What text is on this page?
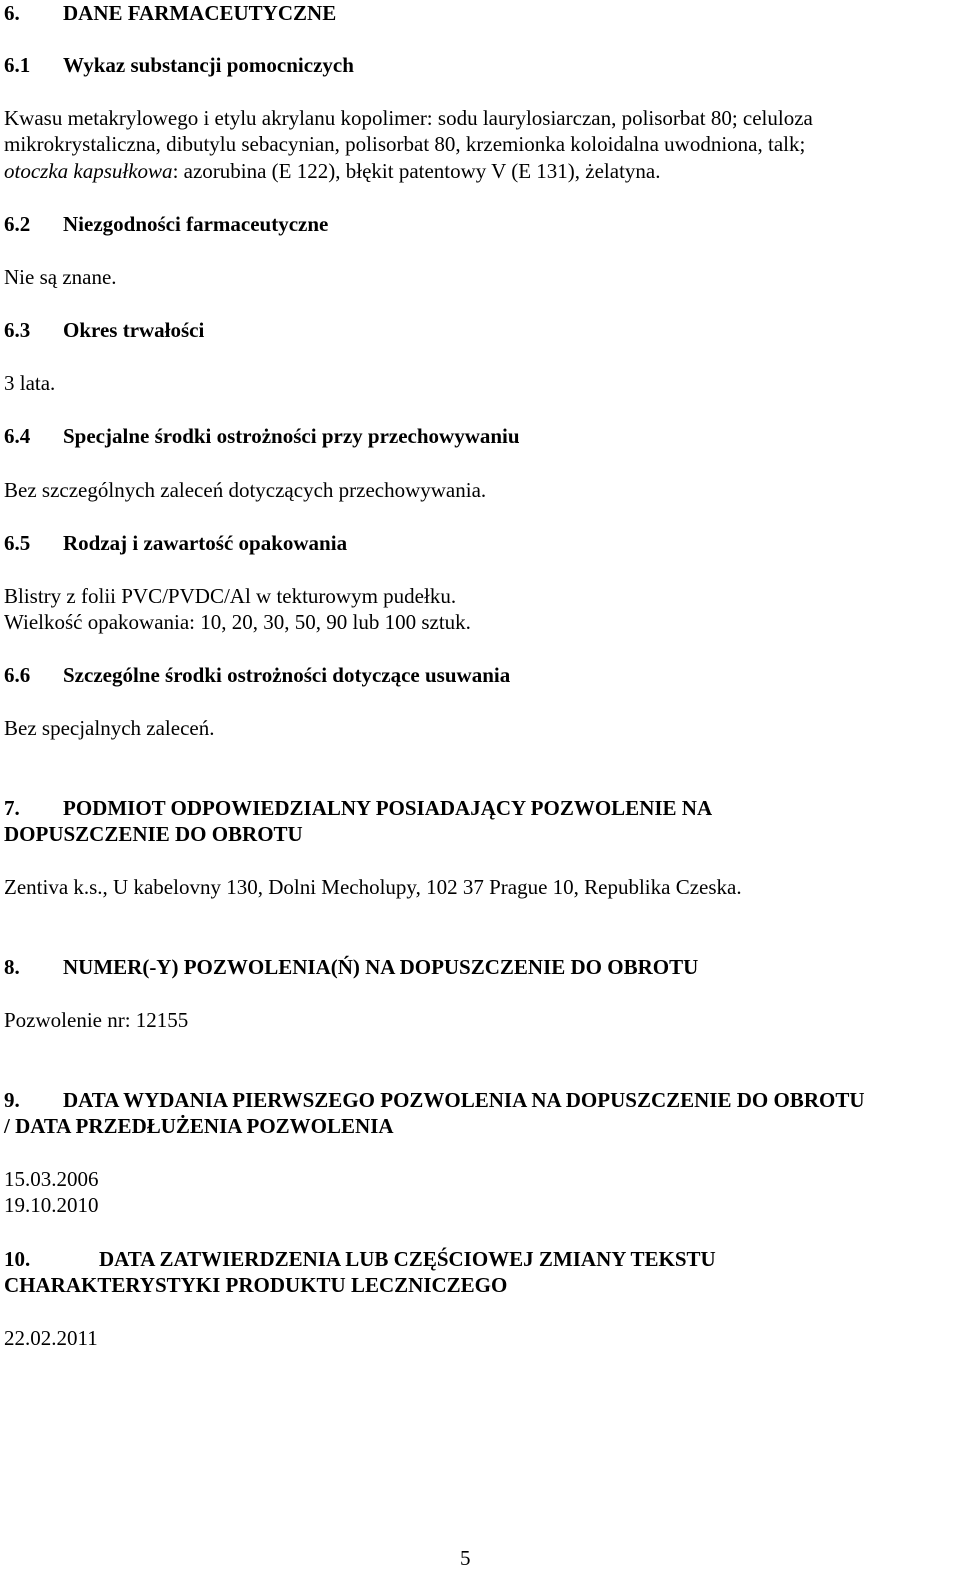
6. DANE FARMACEUTYCZNE
6.1 Wykaz substancji pomocniczych
Kwasu metakrylowego i etylu akrylanu kopolimer: sodu laurylosiarczan, polisorbat 80; celuloza
mikrokrystaliczna, dibutylu sebacynian, polisorbat 80, krzemionka koloidalna uwodniona, talk;
otoczka kapsułkowa: azorubina (E 122), błękit patentowy V (E 131), żelatyna.
6.2 Niezgodności farmaceutyczne
Nie są znane.
6.3 Okres trwałości
3 lata.
6.4 Specjalne środki ostrożności przy przechowywaniu
Bez szczególnych zaleceń dotyczących przechowywania.
6.5 Rodzaj i zawartość opakowania
Blistry z folii PVC/PVDC/Al w tekturowym pudełku.
Wielkość opakowania: 10, 20, 30, 50, 90 lub 100 sztuk.
6.6 Szczególne środki ostrożności dotyczące usuwania
Bez specjalnych zaleceń.
7. PODMIOT ODPOWIEDZIALNY POSIADAJĄCY POZWOLENIE NA
DOPUSZCZENIE DO OBROTU
Zentiva k.s., U kabelovny 130, Dolni Mecholupy, 102 37 Prague 10, Republika Czeska.
8. NUMER(-Y) POZWOLENIA(Ń) NA DOPUSZCZENIE DO OBROTU
Pozwolenie nr: 12155
9. DATA WYDANIA PIERWSZEGO POZWOLENIA NA DOPUSZCZENIE DO OBROTU
/ DATA PRZEDŁUŻENIA POZWOLENIA
15.03.2006
19.10.2010
10.	DATA ZATWIERDZENIA LUB CZĘŚCIOWEJ ZMIANY TEKSTU
CHARAKTERYSTYKI PRODUKTU LECZNICZEGO
22.02.2011
5
